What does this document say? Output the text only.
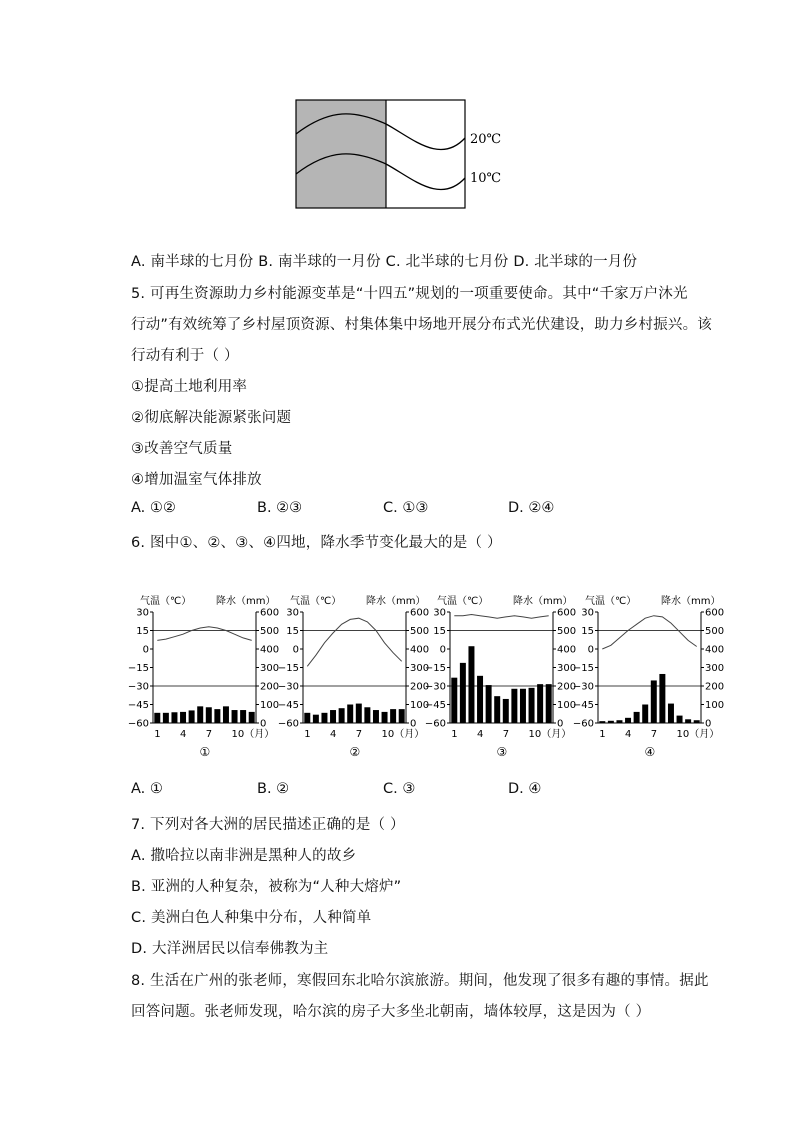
20℃
10℃
A. 南半球的七月份 B. 南半球的一月份 C. 北半球的七月份 D. 北半球的一月份
5. 可再生资源助力乡村能源变革是“十四五”规划的一项重要使命。其中“千家万户沐光
行动”有效统筹了乡村屋顶资源、村集体集中场地开展分布式光伏建设，助力乡村振兴。该
行动有利于（ ）
①提高土地利用率
②彻底解决能源紧张问题
③改善空气质量
④增加温室气体排放
A. ①②	B. ②③	C. ①③	D. ②④
6. 图中①、②、③、④四地，降水季节变化最大的是（ ）
气温（℃） 降水（mm）
30
15
0
−15
−30
−45
−60
600
500
400
300
200
100
0
1 4 7 10（月）
①
气温（℃） 降水（mm）
30
15
0
−15
−30
−45
−60
600
500
400
300
200
100
0
1 4 7 10（月）
②
气温（℃） 降水（mm）
30
15
0
−15
−30
−45
−60
600
500
400
300
200
100
0
1 4 7 10（月）
③
气温（℃） 降水（mm）
30
15
0
−15
−30
−45
−60
600
500
400
300
200
100
0
1 4 7 10（月）
④
A. ①	B. ②	C. ③	D. ④
7. 下列对各大洲的居民描述正确的是（ ）
A. 撒哈拉以南非洲是黑种人的故乡
B. 亚洲的人种复杂，被称为“人种大熔炉”
C. 美洲白色人种集中分布，人种简单
D. 大洋洲居民以信奉佛教为主
8. 生活在广州的张老师，寒假回东北哈尔滨旅游。期间，他发现了很多有趣的事情。据此
回答问题。张老师发现，哈尔滨的房子大多坐北朝南，墙体较厚，这是因为（ ）
